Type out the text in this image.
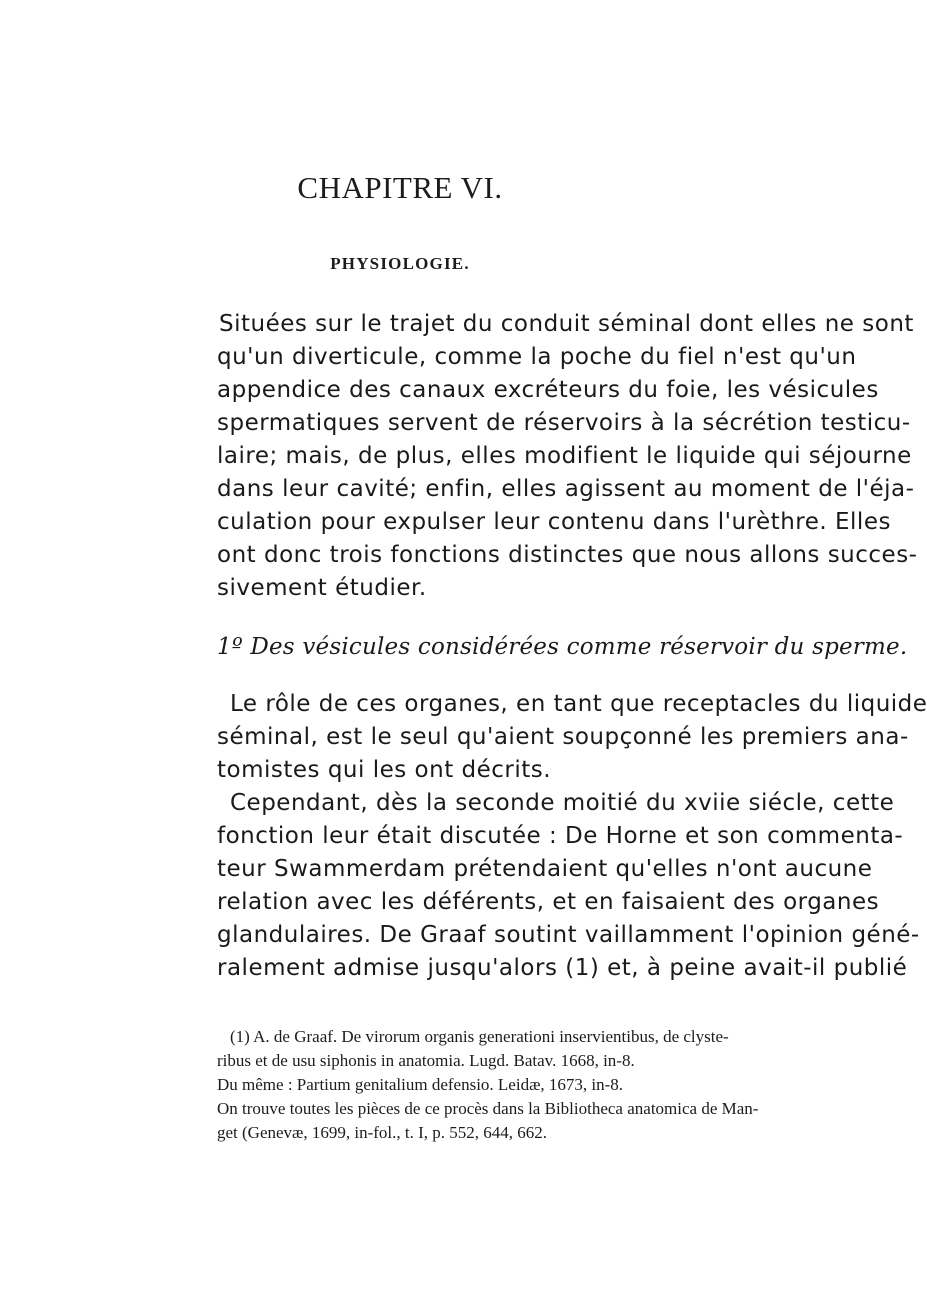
CHAPITRE VI.
PHYSIOLOGIE.
Situées sur le trajet du conduit séminal dont elles ne sont
qu'un diverticule, comme la poche du fiel n'est qu'un
appendice des canaux excréteurs du foie, les vésicules
spermatiques servent de réservoirs à la sécrétion testicu-
laire; mais, de plus, elles modifient le liquide qui séjourne
dans leur cavité; enfin, elles agissent au moment de l'éja-
culation pour expulser leur contenu dans l'urèthre. Elles
ont donc trois fonctions distinctes que nous allons succes-
sivement étudier.
1º Des vésicules considérées comme réservoir du sperme.
Le rôle de ces organes, en tant que receptacles du liquide
séminal, est le seul qu'aient soupçonné les premiers ana-
tomistes qui les ont décrits.
Cependant, dès la seconde moitié du xviie siécle, cette
fonction leur était discutée : De Horne et son commenta-
teur Swammerdam prétendaient qu'elles n'ont aucune
relation avec les déférents, et en faisaient des organes
glandulaires. De Graaf soutint vaillamment l'opinion géné-
ralement admise jusqu'alors (1) et, à peine avait-il publié
(1) A. de Graaf. De virorum organis generationi inservientibus, de clyste-
ribus et de usu siphonis in anatomia. Lugd. Batav. 1668, in-8.
Du même : Partium genitalium defensio. Leidæ, 1673, in-8.
On trouve toutes les pièces de ce procès dans la Bibliotheca anatomica de Man-
get (Genevæ, 1699, in-fol., t. I, p. 552, 644, 662.
